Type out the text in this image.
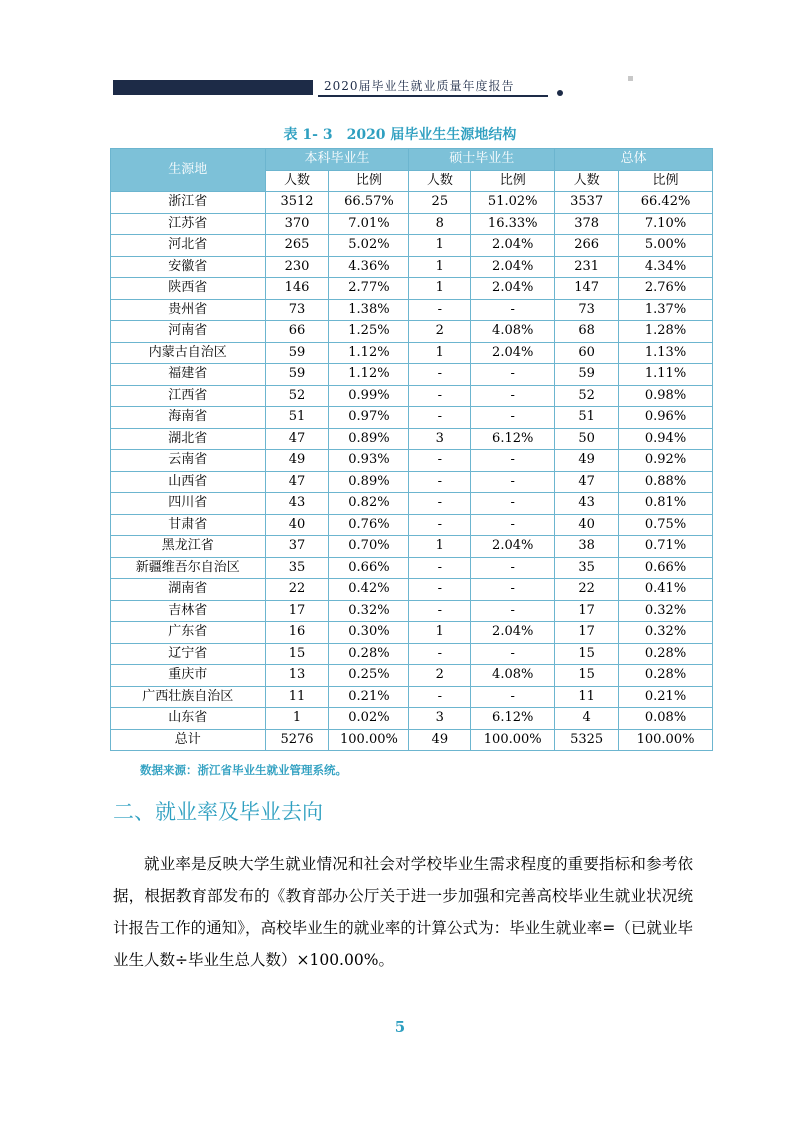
2020届毕业生就业质量年度报告
表 1- 3　2020 届毕业生生源地结构
生源地	本科毕业生		硕士毕业生		总体	
	人数	比例	人数	比例	人数	比例
浙江省	3512	66.57%	25	51.02%	3537	66.42%
江苏省	370	7.01%	8	16.33%	378	7.10%
河北省	265	5.02%	1	2.04%	266	5.00%
安徽省	230	4.36%	1	2.04%	231	4.34%
陕西省	146	2.77%	1	2.04%	147	2.76%
贵州省	73	1.38%	-	-	73	1.37%
河南省	66	1.25%	2	4.08%	68	1.28%
内蒙古自治区	59	1.12%	1	2.04%	60	1.13%
福建省	59	1.12%	-	-	59	1.11%
江西省	52	0.99%	-	-	52	0.98%
海南省	51	0.97%	-	-	51	0.96%
湖北省	47	0.89%	3	6.12%	50	0.94%
云南省	49	0.93%	-	-	49	0.92%
山西省	47	0.89%	-	-	47	0.88%
四川省	43	0.82%	-	-	43	0.81%
甘肃省	40	0.76%	-	-	40	0.75%
黑龙江省	37	0.70%	1	2.04%	38	0.71%
新疆维吾尔自治区	35	0.66%	-	-	35	0.66%
湖南省	22	0.42%	-	-	22	0.41%
吉林省	17	0.32%	-	-	17	0.32%
广东省	16	0.30%	1	2.04%	17	0.32%
辽宁省	15	0.28%	-	-	15	0.28%
重庆市	13	0.25%	2	4.08%	15	0.28%
广西壮族自治区	11	0.21%	-	-	11	0.21%
山东省	1	0.02%	3	6.12%	4	0.08%
总计	5276	100.00%	49	100.00%	5325	100.00%
数据来源：浙江省毕业生就业管理系统。
二、就业率及毕业去向
就业率是反映大学生就业情况和社会对学校毕业生需求程度的重要指标和参考依据，根据教育部发布的《教育部办公厅关于进一步加强和完善高校毕业生就业状况统计报告工作的通知》，高校毕业生的就业率的计算公式为：毕业生就业率=（已就业毕业生人数÷毕业生总人数）×100.00%。
5
